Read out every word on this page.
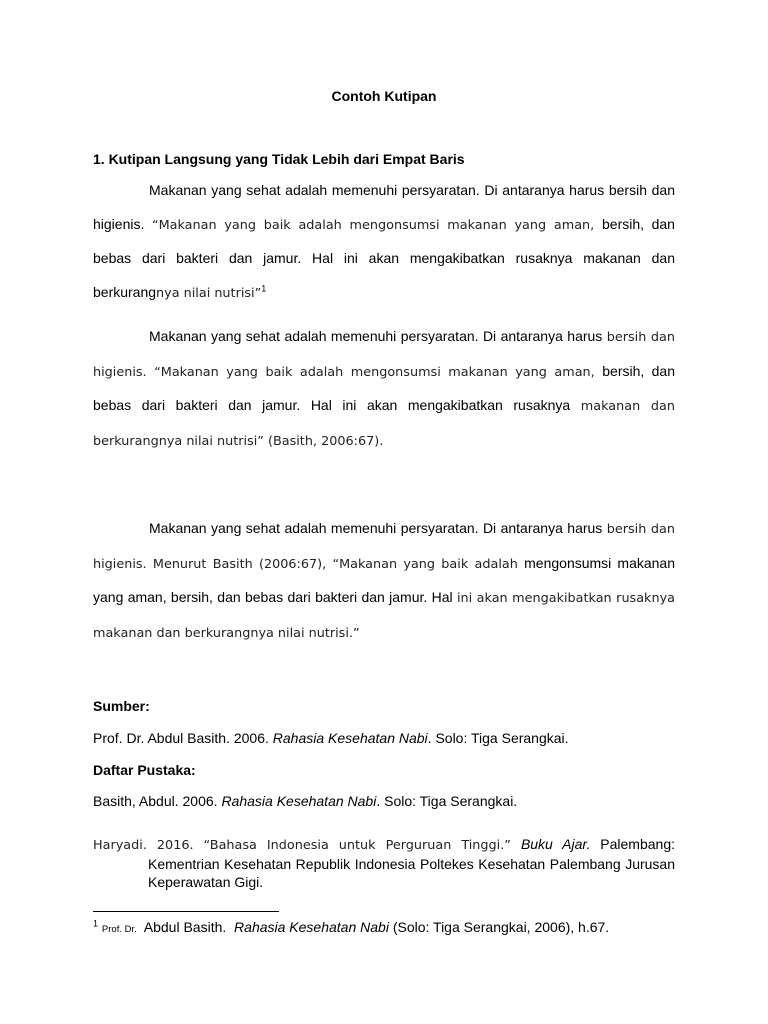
Contoh Kutipan
1. Kutipan Langsung yang Tidak Lebih dari Empat Baris
Makanan yang sehat adalah memenuhi persyaratan. Di antaranya harus bersih dan higienis. “Makanan yang baik adalah mengonsumsi makanan yang aman, bersih, dan bebas dari bakteri dan jamur. Hal ini akan mengakibatkan rusaknya makanan dan berkurangnya nilai nutrisi”$^1$
Makanan yang sehat adalah memenuhi persyaratan. Di antaranya harus bersih dan higienis. “Makanan yang baik adalah mengonsumsi makanan yang aman, bersih, dan bebas dari bakteri dan jamur. Hal ini akan mengakibatkan rusaknya makanan dan berkurangnya nilai nutrisi” (Basith, 2006:67).
Makanan yang sehat adalah memenuhi persyaratan. Di antaranya harus bersih dan higienis. Menurut Basith (2006:67), “Makanan yang baik adalah mengonsumsi makanan yang aman, bersih, dan bebas dari bakteri dan jamur. Hal ini akan mengakibatkan rusaknya makanan dan berkurangnya nilai nutrisi.”
Sumber:
Prof. Dr. Abdul Basith. 2006. Rahasia Kesehatan Nabi. Solo: Tiga Serangkai.
Daftar Pustaka:
Basith, Abdul. 2006. Rahasia Kesehatan Nabi. Solo: Tiga Serangkai.
Haryadi. 2016. “Bahasa Indonesia untuk Perguruan Tinggi.” Buku Ajar. Palembang: Kementrian Kesehatan Republik Indonesia Poltekes Kesehatan Palembang Jurusan Keperawatan Gigi.
$^1$ Prof. Dr.  Abdul Basith.  Rahasia Kesehatan Nabi (Solo: Tiga Serangkai, 2006), h.67.
